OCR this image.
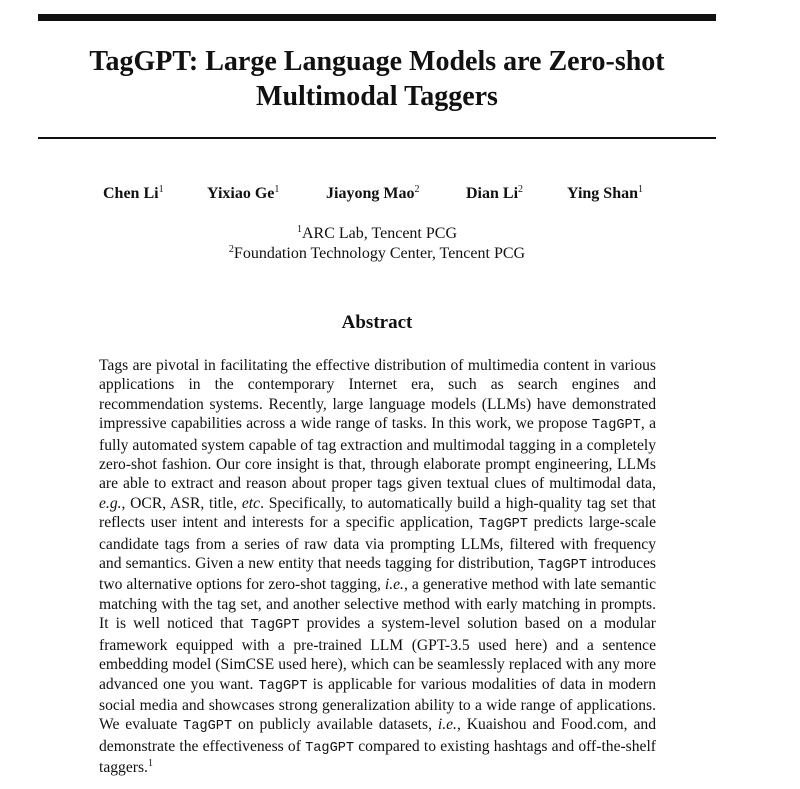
TagGPT: Large Language Models are Zero-shot
Multimodal Taggers
Chen Li$^1$	Yixiao Ge$^1$	Jiayong Mao$^2$	Dian Li$^2$	Ying Shan$^1$
$^1$ARC Lab, Tencent PCG
$^2$Foundation Technology Center, Tencent PCG
Abstract

Tags are pivotal in facilitating the effective distribution of multimedia content in various applications in the contemporary Internet era, such as search engines and recommendation systems. Recently, large language models (LLMs) have demonstrated impressive capabilities across a wide range of tasks. In this work, we propose TagGPT, a fully automated system capable of tag extraction and multimodal tagging in a completely zero-shot fashion. Our core insight is that, through elaborate prompt engineering, LLMs are able to extract and reason about proper tags given textual clues of multimodal data, e.g., OCR, ASR, title, etc. Specifically, to automatically build a high-quality tag set that reflects user intent and interests for a specific application, TagGPT predicts large-scale candidate tags from a series of raw data via prompting LLMs, filtered with frequency and semantics. Given a new entity that needs tagging for distribution, TagGPT introduces two alternative options for zero-shot tagging, i.e., a generative method with late semantic matching with the tag set, and another selective method with early matching in prompts. It is well noticed that TagGPT provides a system-level solution based on a modular framework equipped with a pre-trained LLM (GPT-3.5 used here) and a sentence embedding model (SimCSE used here), which can be seamlessly replaced with any more advanced one you want. TagGPT is applicable for various modalities of data in modern social media and showcases strong generalization ability to a wide range of applications. We evaluate TagGPT on publicly available datasets, i.e., Kuaishou and Food.com, and demonstrate the effectiveness of TagGPT compared to existing hashtags and off-the-shelf taggers.$^1$
